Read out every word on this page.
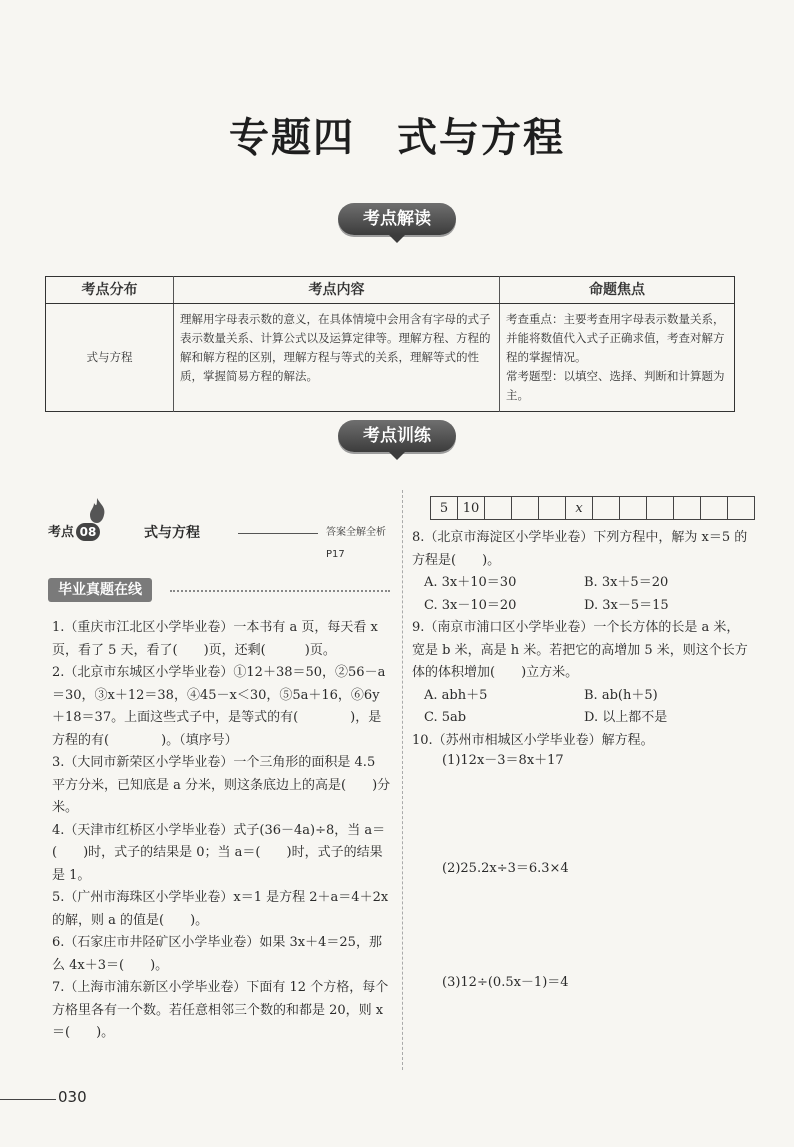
专题四　式与方程
考点解读
考点分布	考点内容	命题焦点
式与方程	理解用字母表示数的意义，在具体情境中会用含有字母的式子表示数量关系、计算公式以及运算定律等。理解方程、方程的解和解方程的区别，理解方程与等式的关系，理解等式的性质，掌握简易方程的解法。	考查重点：主要考查用字母表示数量关系，并能将数值代入式子正确求值，考查对解方程的掌握情况。
常考题型：以填空、选择、判断和计算题为主。
考点训练
考点 08	式与方程	答案全解全析 P17
毕业真题在线

1.（重庆市江北区小学毕业卷）一本书有 a 页，每天看 x 页，看了 5 天，看了(　　)页，还剩(　　　)页。

2.（北京市东城区小学毕业卷）①12＋38＝50，②56－a＝30，③x＋12＝38，④45－x＜30，⑤5a＋16，⑥6y＋18＝37。上面这些式子中，是等式的有(　　　　)，是方程的有(　　　　)。（填序号）

3.（大同市新荣区小学毕业卷）一个三角形的面积是 4.5 平方分米，已知底是 a 分米，则这条底边上的高是(　　)分米。

4.（天津市红桥区小学毕业卷）式子(36－4a)÷8，当 a＝(　　)时，式子的结果是 0；当 a＝(　　)时，式子的结果是 1。

5.（广州市海珠区小学毕业卷）x＝1 是方程 2＋a＝4＋2x 的解，则 a 的值是(　　)。

6.（石家庄市井陉矿区小学毕业卷）如果 3x＋4＝25，那么 4x＋3＝(　　)。

7.（上海市浦东新区小学毕业卷）下面有 12 个方格，每个方格里各有一个数。若任意相邻三个数的和都是 20，则 x＝(　　)。

5	10				x						

8.（北京市海淀区小学毕业卷）下列方程中，解为 x＝5 的方程是(　　)。

A. 3x＋10＝30	B. 3x＋5＝20
C. 3x－10＝20	D. 3x－5＝15

9.（南京市浦口区小学毕业卷）一个长方体的长是 a 米，宽是 b 米，高是 h 米。若把它的高增加 5 米，则这个长方体的体积增加(　　)立方米。

A. abh＋5	B. ab(h＋5)
C. 5ab	D. 以上都不是

10.（苏州市相城区小学毕业卷）解方程。

(1)12x－3＝8x＋17
(2)25.2x÷3＝6.3×4
(3)12÷(0.5x－1)＝4
030
